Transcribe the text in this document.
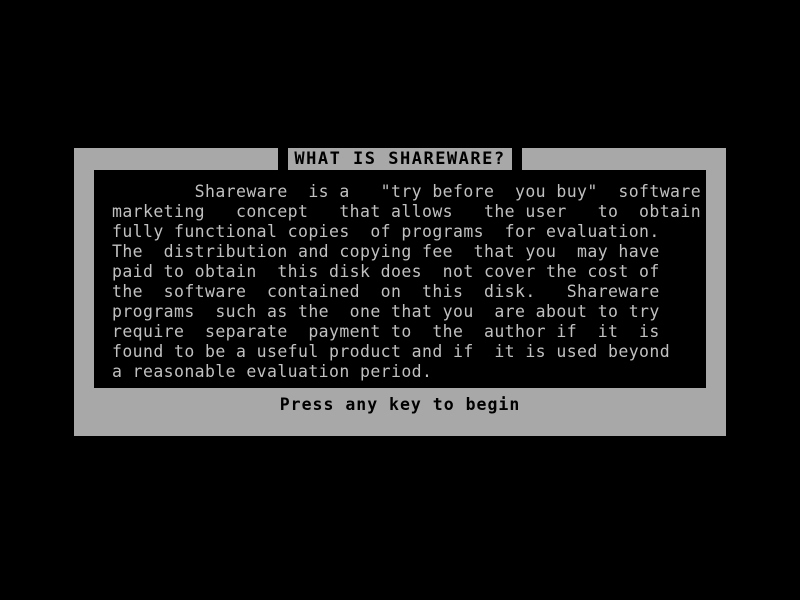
WHAT IS SHAREWARE?
Shareware  is a   "try before  you buy"  software
marketing   concept   that allows   the user   to  obtain
fully functional copies  of programs  for evaluation.
The  distribution and copying fee  that you  may have
paid to obtain  this disk does  not cover the cost of
the  software  contained  on  this  disk.   Shareware
programs  such as the  one that you  are about to try
require  separate  payment to  the  author if  it  is
found to be a useful product and if  it is used beyond
a reasonable evaluation period.
Press any key to begin
